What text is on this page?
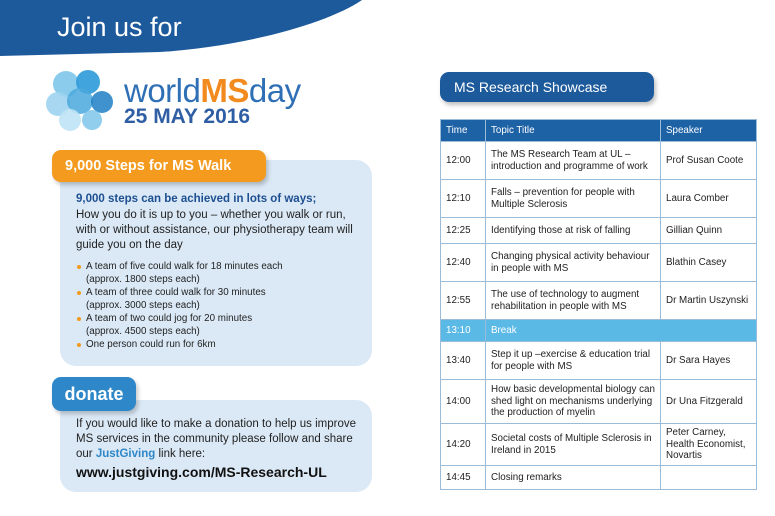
Join us for
worldMSday
25 MAY 2016
9,000 Steps for MS Walk
9,000 steps can be achieved in lots of ways;
How you do it is up to you – whether you walk or run, with or without assistance, our physiotherapy team will guide you on the day
A team of five could walk for 18 minutes each
(approx. 1800 steps each)
A team of three could walk for 30 minutes
(approx. 3000 steps each)
A team of two could jog for 20 minutes
(approx. 4500 steps each)
One person could run for 6km
donate
If you would like to make a donation to help us improve MS services in the community please follow and share our JustGiving link here:
www.justgiving.com/MS-Research-UL
MS Research Showcase
Time	Topic Title	Speaker
12:00	The MS Research Team at UL – introduction and programme of work	Prof Susan Coote
12:10	Falls – prevention for people with Multiple Sclerosis	Laura Comber
12:25	Identifying those at risk of falling	Gillian Quinn
12:40	Changing physical activity behaviour in people with MS	Blathin Casey
12:55	The use of technology to augment rehabilitation in people with MS	Dr Martin Uszynski
13:10	Break	
13:40	Step it up –exercise & education trial for people with MS	Dr Sara Hayes
14:00	How basic developmental biology can shed light on mechanisms underlying the production of myelin	Dr Una Fitzgerald
14:20	Societal costs of Multiple Sclerosis in Ireland in 2015	Peter Carney, Health Economist, Novartis
14:45	Closing remarks	
